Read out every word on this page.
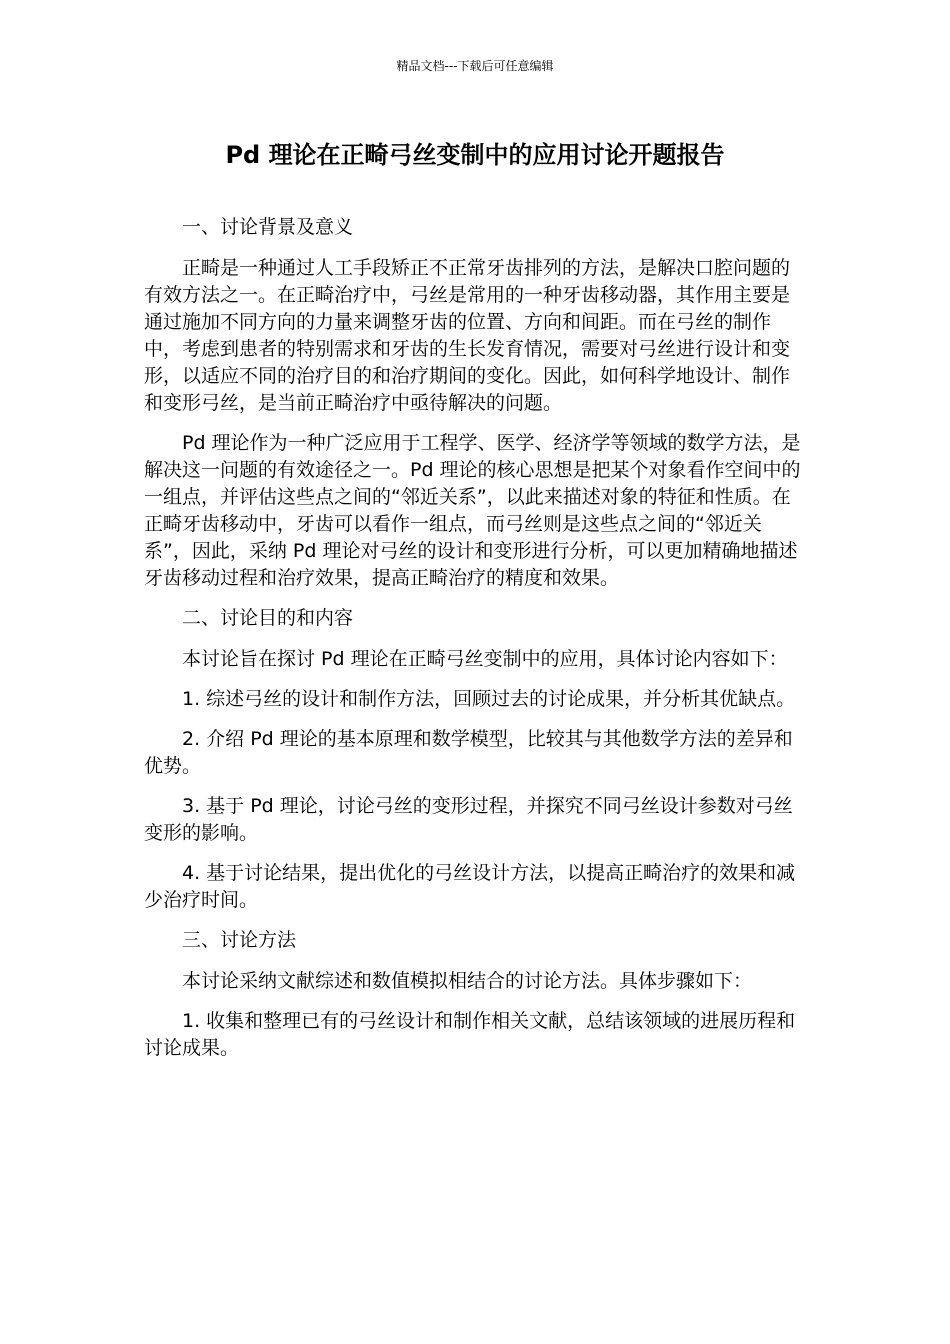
精品文档---下载后可任意编辑
Pd 理论在正畸弓丝变制中的应用讨论开题报告

一、讨论背景及意义

正畸是一种通过人工手段矫正不正常牙齿排列的方法，是解决口腔问题的有效方法之一。在正畸治疗中，弓丝是常用的一种牙齿移动器，其作用主要是通过施加不同方向的力量来调整牙齿的位置、方向和间距。而在弓丝的制作中，考虑到患者的特别需求和牙齿的生长发育情况，需要对弓丝进行设计和变形，以适应不同的治疗目的和治疗期间的变化。因此，如何科学地设计、制作和变形弓丝，是当前正畸治疗中亟待解决的问题。

Pd 理论作为一种广泛应用于工程学、医学、经济学等领域的数学方法，是解决这一问题的有效途径之一。Pd 理论的核心思想是把某个对象看作空间中的一组点，并评估这些点之间的“邻近关系”，以此来描述对象的特征和性质。在正畸牙齿移动中，牙齿可以看作一组点，而弓丝则是这些点之间的“邻近关系”，因此，采纳 Pd 理论对弓丝的设计和变形进行分析，可以更加精确地描述牙齿移动过程和治疗效果，提高正畸治疗的精度和效果。

二、讨论目的和内容

本讨论旨在探讨 Pd 理论在正畸弓丝变制中的应用，具体讨论内容如下：

1. 综述弓丝的设计和制作方法，回顾过去的讨论成果，并分析其优缺点。

2. 介绍 Pd 理论的基本原理和数学模型，比较其与其他数学方法的差异和优势。

3. 基于 Pd 理论，讨论弓丝的变形过程，并探究不同弓丝设计参数对弓丝变形的影响。

4. 基于讨论结果，提出优化的弓丝设计方法，以提高正畸治疗的效果和减少治疗时间。

三、讨论方法

本讨论采纳文献综述和数值模拟相结合的讨论方法。具体步骤如下：

1. 收集和整理已有的弓丝设计和制作相关文献，总结该领域的进展历程和讨论成果。
